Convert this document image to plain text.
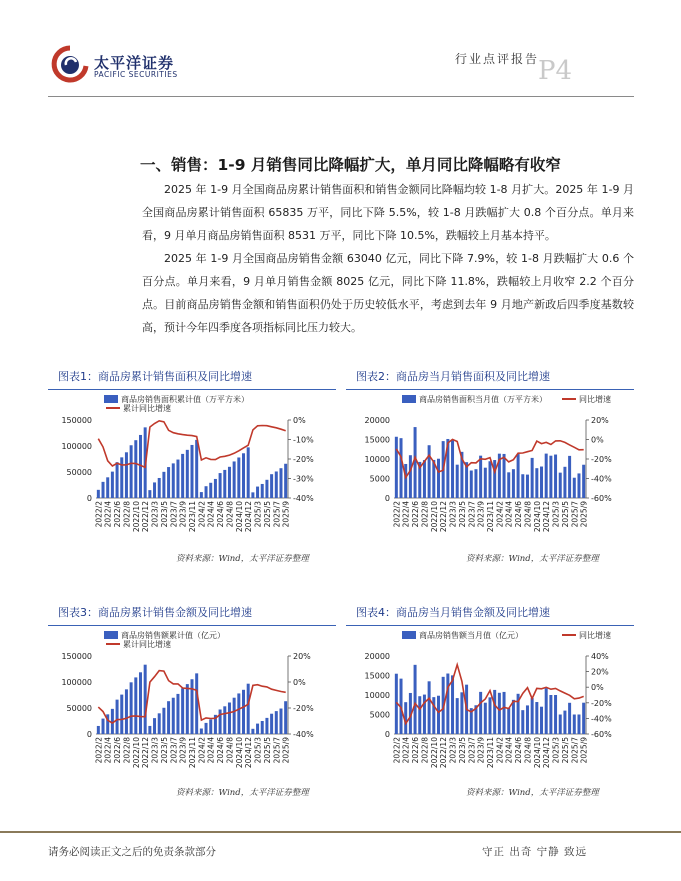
太平洋证券
PACIFIC SECURITIES
行业点评报告
P4
一、销售：1-9 月销售同比降幅扩大，单月同比降幅略有收窄
2025 年 1-9 月全国商品房累计销售面积和销售金额同比降幅均较 1-8 月扩大。2025 年 1-9 月全国商品房累计销售面积 65835 万平，同比下降 5.5%，较 1-8 月跌幅扩大 0.8 个百分点。单月来看，9 月单月商品房销售面积 8531 万平，同比下降 10.5%，跌幅较上月基本持平。
2025 年 1-9 月全国商品房销售金额 63040 亿元，同比下降 7.9%，较 1-8 月跌幅扩大 0.6 个百分点。单月来看，9 月单月销售金额 8025 亿元，同比下降 11.8%，跌幅较上月收窄 2.2 个百分点。目前商品房销售金额和销售面积仍处于历史较低水平，考虑到去年 9 月地产新政后四季度基数较高，预计今年四季度各项指标同比压力较大。
图表1：商品房累计销售面积及同比增速
商品房销售面积累计值（万平方米）
累计同比增速
0
50000
100000
150000	0%
-10%
-20%
-30%
-40%
2022/2 2022/4 2022/6 2022/8 2022/10 2022/12 2023/3 2023/5 2023/7 2023/9 2023/11 2024/2 2024/4 2024/6 2024/8 2024/10 2024/12 2025/3 2025/5 2025/7 2025/9
资料来源：Wind，太平洋证券整理
图表2：商品房当月销售面积及同比增速
商品房销售面积当月值（万平方米）	同比增速
0
5000
10000
15000
20000	20%
0%
-20%
-40%
-60%
2022/2 2022/4 2022/6 2022/8 2022/10 2022/12 2023/3 2023/5 2023/7 2023/9 2023/11 2024/2 2024/4 2024/6 2024/8 2024/10 2024/12 2025/3 2025/5 2025/7 2025/9
资料来源：Wind，太平洋证券整理
图表3：商品房累计销售金额及同比增速
商品房销售额累计值（亿元）
累计同比增速
0
50000
100000
150000	20%
0%
-20%
-40%
2022/2 2022/4 2022/6 2022/8 2022/10 2022/12 2023/3 2023/5 2023/7 2023/9 2023/11 2024/2 2024/4 2024/6 2024/8 2024/10 2024/12 2025/3 2025/5 2025/7 2025/9
资料来源：Wind，太平洋证券整理
图表4：商品房当月销售金额及同比增速
商品房销售额当月值（亿元）	同比增速
0
5000
10000
15000
20000	40%
20%
0%
-20%
-40%
-60%
2022/2 2022/4 2022/6 2022/8 2022/10 2022/12 2023/3 2023/5 2023/7 2023/9 2023/11 2024/2 2024/4 2024/6 2024/8 2024/10 2024/12 2025/3 2025/5 2025/7 2025/9
资料来源：Wind，太平洋证券整理
请务必阅读正文之后的免责条款部分	守正 出奇 宁静 致远
